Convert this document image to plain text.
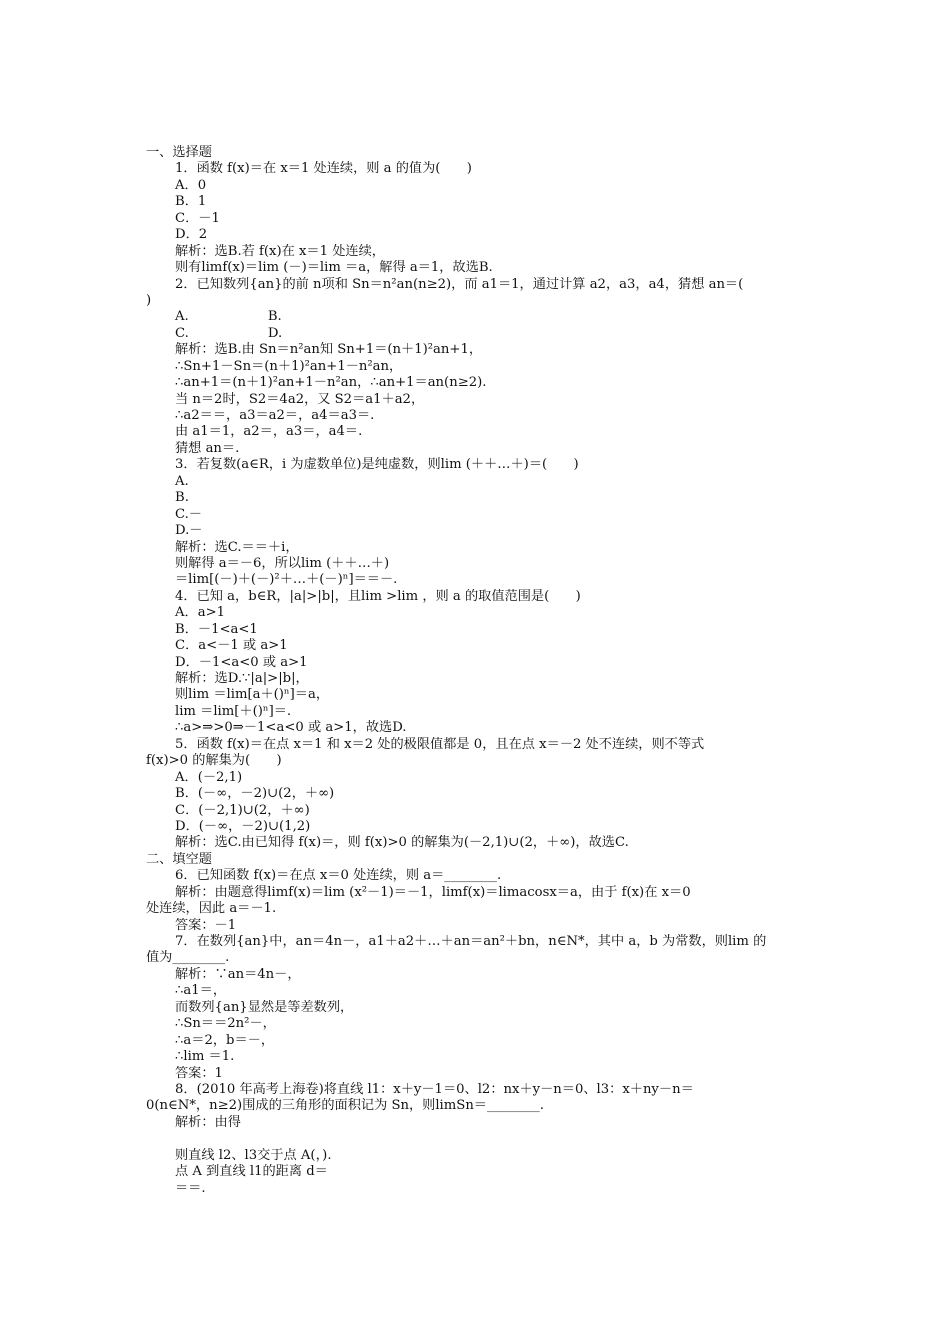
一、选择题
1．函数 f(x)＝在 x＝1 处连续，则 a 的值为(　　)
A．0
B．1
C．－1
D．2
解析：选B.若 f(x)在 x＝1 处连续，
则有limf(x)＝lim (－)＝lim ＝a，解得 a＝1，故选B.
2．已知数列{an}的前 n项和 Sn＝n²an(n≥2)，而 a1＝1，通过计算 a2，a3，a4，猜想 an＝(
)
A.　　　　　　B.
C.　　　　　　D.
解析：选B.由 Sn＝n²an知 Sn+1＝(n＋1)²an+1，
∴Sn+1－Sn＝(n＋1)²an+1－n²an，
∴an+1＝(n＋1)²an+1－n²an，∴an+1＝an(n≥2).
当 n＝2时，S2＝4a2，又 S2＝a1＋a2，
∴a2＝＝，a3＝a2＝，a4＝a3＝.
由 a1＝1，a2＝，a3＝，a4＝.
猜想 an＝.
3．若复数(a∈R，i 为虚数单位)是纯虚数，则lim (＋＋…＋)＝(　　)
A.
B.
C.－
D.－
解析：选C.＝＝＋i，
则解得 a＝－6，所以lim (＋＋…＋)
＝lim[(－)＋(－)²＋…＋(－)ⁿ]＝＝－.
4．已知 a，b∈R，|a|>|b|，且lim >lim ，则 a 的取值范围是(　　)
A．a>1
B．－1<a<1
C．a<－1 或 a>1
D．－1<a<0 或 a>1
解析：选D.∵|a|>|b|，
则lim ＝lim[a＋()ⁿ]＝a，
lim ＝lim[＋()ⁿ]＝.
∴a>⇒>0⇒－1<a<0 或 a>1，故选D.
5．函数 f(x)＝在点 x＝1 和 x＝2 处的极限值都是 0，且在点 x＝－2 处不连续，则不等式
f(x)>0 的解集为(　　)
A．(－2,1)
B．(－∞，－2)∪(2，＋∞)
C．(－2,1)∪(2，＋∞)
D．(－∞，－2)∪(1,2)
解析：选C.由已知得 f(x)＝，则 f(x)>0 的解集为(－2,1)∪(2，＋∞)，故选C.
二、填空题
6．已知函数 f(x)＝在点 x＝0 处连续，则 a＝________.
解析：由题意得limf(x)＝lim (x²－1)＝－1，limf(x)＝limacosx＝a，由于 f(x)在 x＝0
处连续，因此 a＝－1.
答案：－1
7．在数列{an}中，an＝4n－，a1＋a2＋…＋an＝an²＋bn，n∈N*，其中 a，b 为常数，则lim 的
值为________.
解析：∵an＝4n－，
∴a1＝，
而数列{an}显然是等差数列，
∴Sn＝＝2n²－，
∴a＝2，b＝－，
∴lim ＝1.
答案：1
8．(2010 年高考上海卷)将直线 l1：x＋y－1＝0、l2：nx＋y－n＝0、l3：x＋ny－n＝
0(n∈N*，n≥2)围成的三角形的面积记为 Sn，则limSn＝________.
解析：由得
则直线 l2、l3交于点 A(，).
点 A 到直线 l1的距离 d＝
＝＝.
